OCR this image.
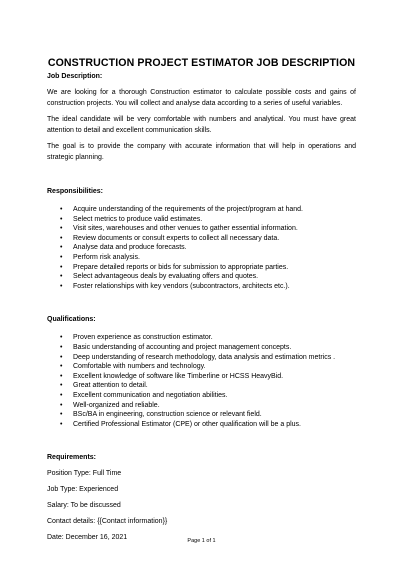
CONSTRUCTION PROJECT ESTIMATOR JOB DESCRIPTION

Job Description:

We are looking for a thorough Construction estimator to calculate possible costs and gains of construction projects. You will collect and analyse data according to a series of useful variables.

The ideal candidate will be very comfortable with numbers and analytical. You must have great attention to detail and excellent communication skills.

The goal is to provide the company with accurate information that will help in operations and strategic planning.

Responsibilities:

• Acquire understanding of the requirements of the project/program at hand.
• Select metrics to produce valid estimates.
• Visit sites, warehouses and other venues to gather essential information.
• Review documents or consult experts to collect all necessary data.
• Analyse data and produce forecasts.
• Perform risk analysis.
• Prepare detailed reports or bids for submission to appropriate parties.
• Select advantageous deals by evaluating offers and quotes.
• Foster relationships with key vendors (subcontractors, architects etc.).

Qualifications:

• Proven experience as construction estimator.
• Basic understanding of accounting and project management concepts.
• Deep understanding of research methodology, data analysis and estimation metrics .
• Comfortable with numbers and technology.
• Excellent knowledge of software like Timberline or HCSS HeavyBid.
• Great attention to detail.
• Excellent communication and negotiation abilities.
• Well-organized and reliable.
• BSc/BA in engineering, construction science or relevant field.
• Certified Professional Estimator (CPE) or other qualification will be a plus.

Requirements:

Position Type: Full Time

Job Type: Experienced

Salary: To be discussed

Contact details: {{Contact information}}

Date: December 16, 2021	Page 1 of 1
